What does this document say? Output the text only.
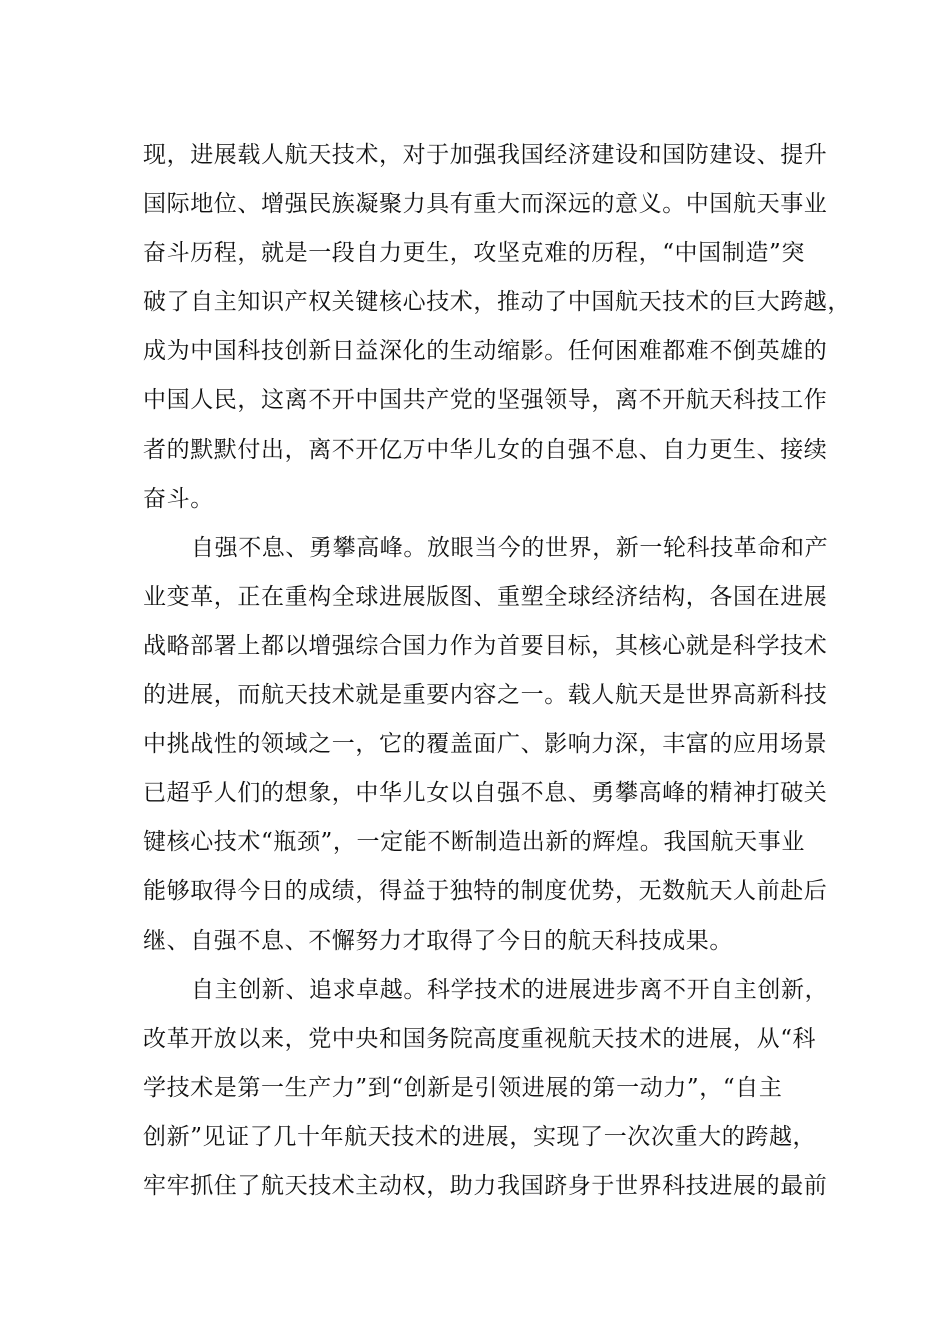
现，进展载人航天技术，对于加强我国经济建设和国防建设、提升
国际地位、增强民族凝聚力具有重大而深远的意义。中国航天事业
奋斗历程，就是一段自力更生，攻坚克难的历程，“中国制造”突
破了自主知识产权关键核心技术，推动了中国航天技术的巨大跨越，
成为中国科技创新日益深化的生动缩影。任何困难都难不倒英雄的
中国人民，这离不开中国共产党的坚强领导，离不开航天科技工作
者的默默付出，离不开亿万中华儿女的自强不息、自力更生、接续
奋斗。
自强不息、勇攀高峰。放眼当今的世界，新一轮科技革命和产
业变革，正在重构全球进展版图、重塑全球经济结构，各国在进展
战略部署上都以增强综合国力作为首要目标，其核心就是科学技术
的进展，而航天技术就是重要内容之一。载人航天是世界高新科技
中挑战性的领域之一，它的覆盖面广、影响力深，丰富的应用场景
已超乎人们的想象，中华儿女以自强不息、勇攀高峰的精神打破关
键核心技术“瓶颈”，一定能不断制造出新的辉煌。我国航天事业
能够取得今日的成绩，得益于独特的制度优势，无数航天人前赴后
继、自强不息、不懈努力才取得了今日的航天科技成果。
自主创新、追求卓越。科学技术的进展进步离不开自主创新，
改革开放以来，党中央和国务院高度重视航天技术的进展，从“科
学技术是第一生产力”到“创新是引领进展的第一动力”，“自主
创新”见证了几十年航天技术的进展，实现了一次次重大的跨越，
牢牢抓住了航天技术主动权，助力我国跻身于世界科技进展的最前
